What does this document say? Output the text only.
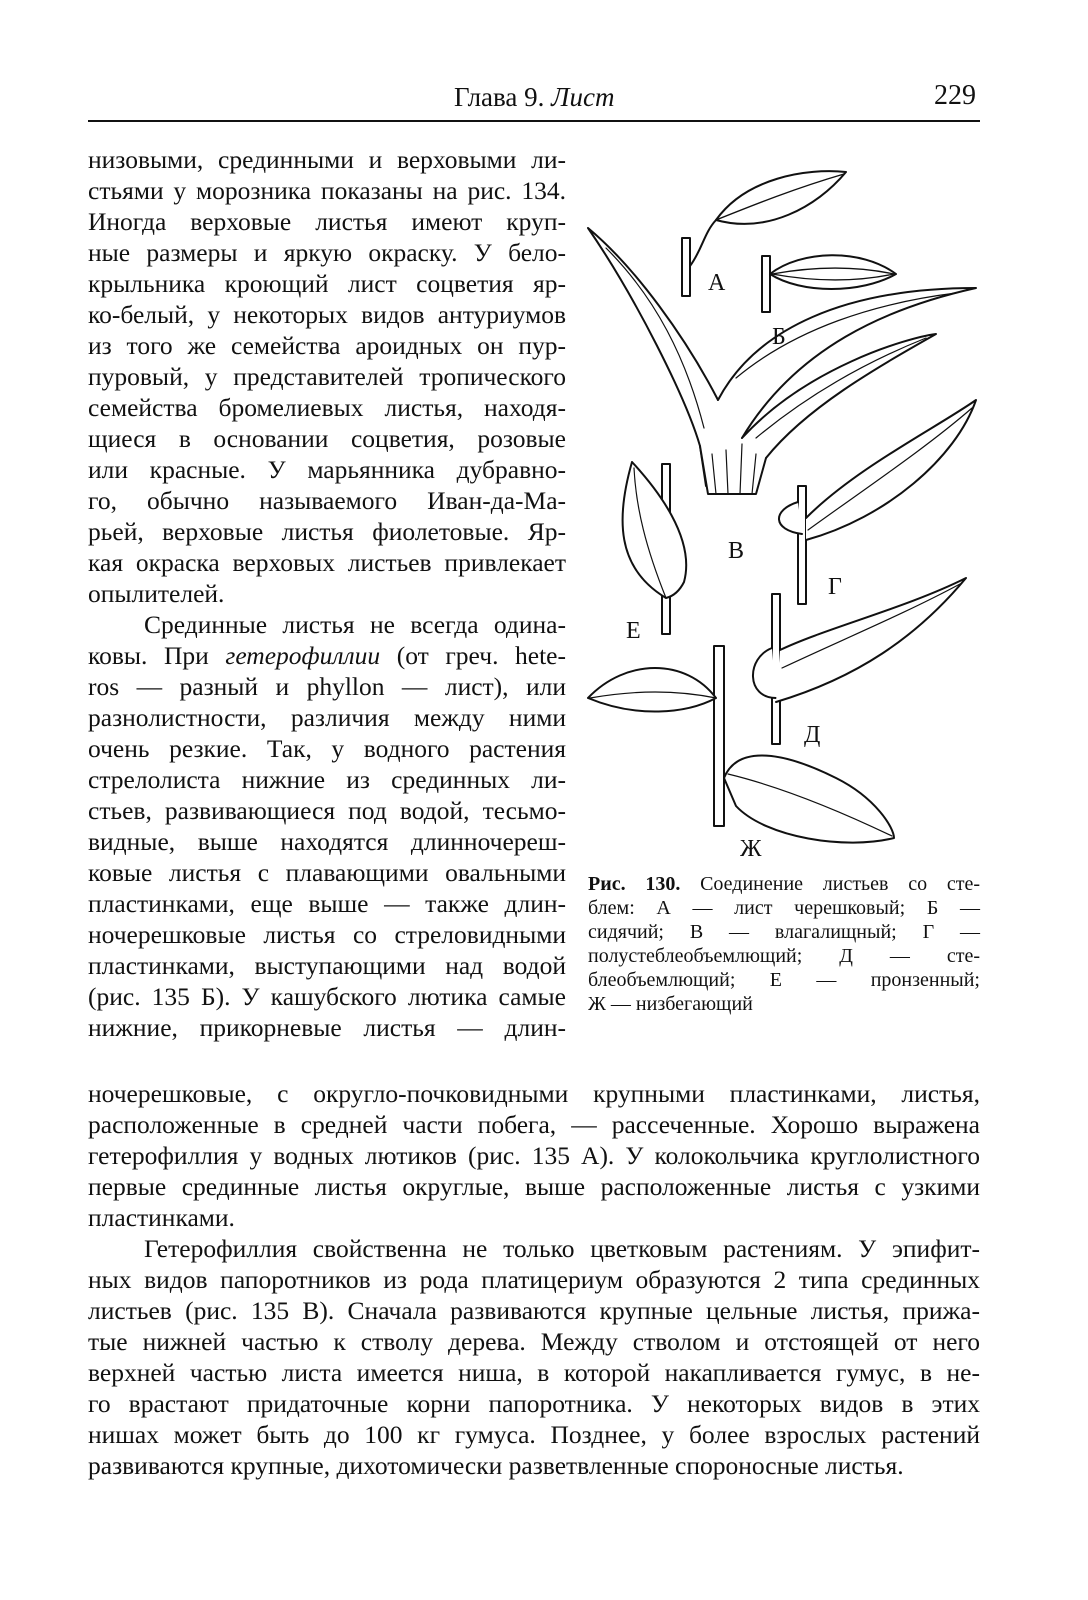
Глава 9. Лист	229

низовыми, срединными и верховыми ли-
стьями у морозника показаны на рис. 134.
Иногда верховые листья имеют круп-
ные размеры и яркую окраску. У бело-
крыльника кроющий лист соцветия яр-
ко-белый, у некоторых видов антуриумов
из того же семейства ароидных он пур-
пуровый, у представителей тропического
семейства бромелиевых листья, находя-
щиеся в основании соцветия, розовые
или красные. У марьянника дубравно-
го, обычно называемого Иван-да-Ма-
рьей, верховые листья фиолетовые. Яр-
кая окраска верховых листьев привлекает
опылителей.

Срединные листья не всегда одина-
ковы. При гетерофиллии (от греч. hete-
ros — разный и phyllon — лист), или
разнолистности, различия между ними
очень резкие. Так, у водного растения
стрелолиста нижние из срединных ли-
стьев, развивающиеся под водой, тесьмо-
видные, выше находятся длинночереш-
ковые листья с плавающими овальными
пластинками, еще выше — также длин-
ночерешковые листья со стреловидными
пластинками, выступающими над водой
(рис. 135 Б). У кашубского лютика самые
нижние, прикорневые листья — длин-

А
Б
В
Г
Е
Д
Ж
Рис. 130. Соединение листьев со сте-
блем: А — лист черешковый; Б —
сидячий; В — влагалищный; Г —
полустеблеобъемлющий; Д — сте-
блеобъемлющий; Е — пронзенный;
Ж — низбегающий

ночерешковые, с округло-почковидными крупными пластинками, листья,
расположенные в средней части побега, — рассеченные. Хорошо выражена
гетерофиллия у водных лютиков (рис. 135 А). У колокольчика круглолистного
первые срединные листья округлые, выше расположенные листья с узкими
пластинками.

Гетерофиллия свойственна не только цветковым растениям. У эпифит-
ных видов папоротников из рода платицериум образуются 2 типа срединных
листьев (рис. 135 В). Сначала развиваются крупные цельные листья, прижа-
тые нижней частью к стволу дерева. Между стволом и отстоящей от него
верхней частью листа имеется ниша, в которой накапливается гумус, в не-
го врастают придаточные корни папоротника. У некоторых видов в этих
нишах может быть до 100 кг гумуса. Позднее, у более взрослых растений
развиваются крупные, дихотомически разветвленные спороносные листья.
